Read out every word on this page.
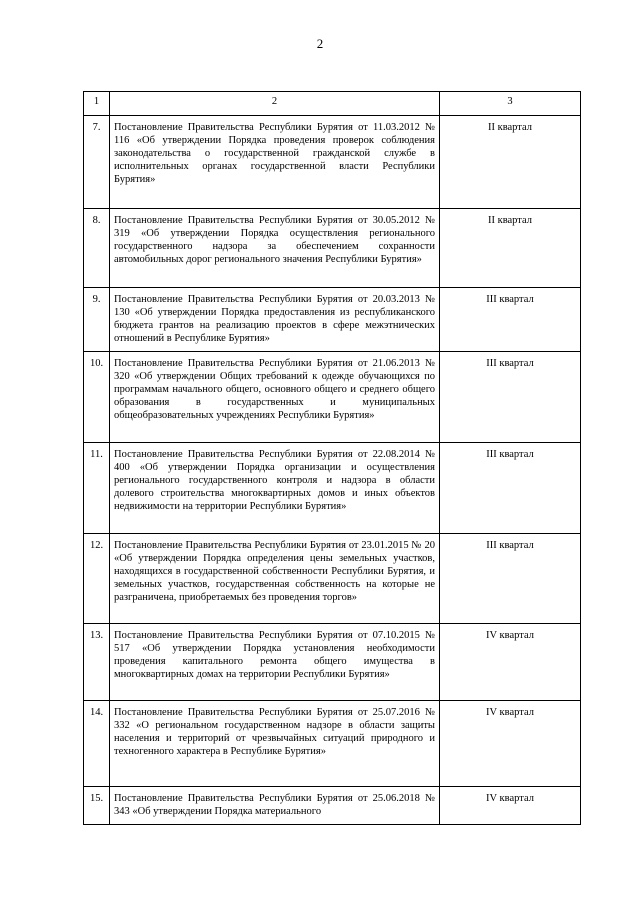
2
1	2	3
7.	Постановление Правительства Республики Бурятия от 11.03.2012 № 116 «Об утверждении Порядка проведения проверок соблюдения законодательства о государственной гражданской службе в исполнительных органах государственной власти Республики Бурятия»	II квартал
8.	Постановление Правительства Республики Бурятия от 30.05.2012 № 319 «Об утверждении Порядка осуществления регионального государственного надзора за обеспечением сохранности автомобильных дорог регионального значения Республики Бурятия»	II квартал
9.	Постановление Правительства Республики Бурятия от 20.03.2013 № 130 «Об утверждении Порядка предоставления из республиканского бюджета грантов на реализацию проектов в сфере межэтнических отношений в Республике Бурятия»	III квартал
10.	Постановление Правительства Республики Бурятия от 21.06.2013 № 320 «Об утверждении Общих требований к одежде обучающихся по программам начального общего, основного общего и среднего общего образования в государственных и муниципальных общеобразовательных учреждениях Республики Бурятия»	III квартал
11.	Постановление Правительства Республики Бурятия от 22.08.2014 № 400 «Об утверждении Порядка организации и осуществления регионального государственного контроля и надзора в области долевого строительства многоквартирных домов и иных объектов недвижимости на территории Республики Бурятия»	III квартал
12.	Постановление Правительства Республики Бурятия от 23.01.2015 № 20 «Об утверждении Порядка определения цены земельных участков, находящихся в государственной собственности Республики Бурятия, и земельных участков, государственная собственность на которые не разграничена, приобретаемых без проведения торгов»	III квартал
13.	Постановление Правительства Республики Бурятия от 07.10.2015 № 517 «Об утверждении Порядка установления необходимости проведения капитального ремонта общего имущества в многоквартирных домах на территории Республики Бурятия»	IV квартал
14.	Постановление Правительства Республики Бурятия от 25.07.2016 № 332 «О региональном государственном надзоре в области защиты населения и территорий от чрезвычайных ситуаций природного и техногенного характера в Республике Бурятия»	IV квартал
15.	Постановление Правительства Республики Бурятия от 25.06.2018 № 343 «Об утверждении Порядка материального	IV квартал
